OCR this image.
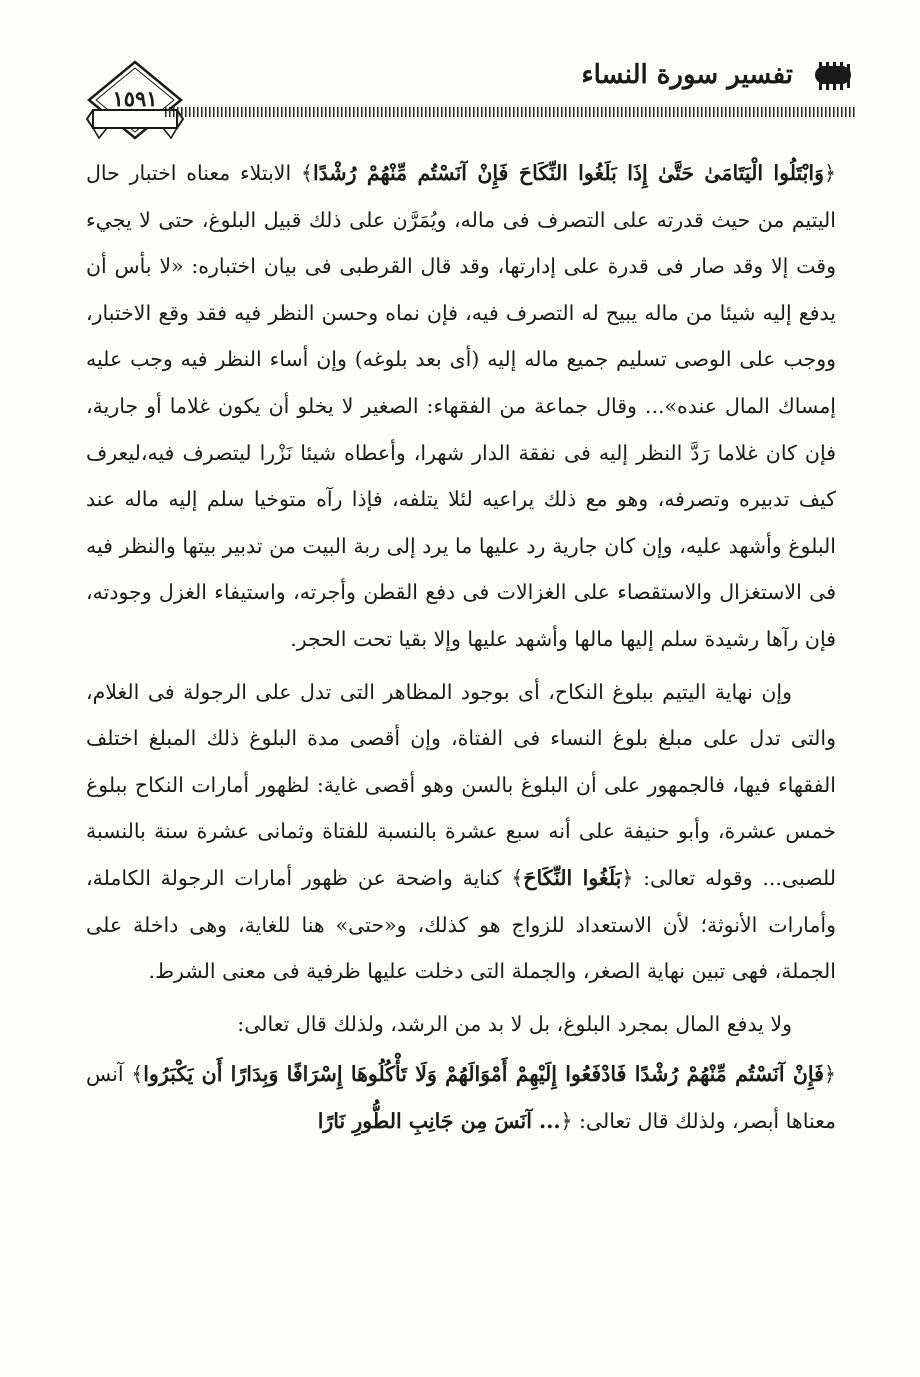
١٥٩١
تفسير سورة النساء

﴿وَابْتَلُوا الْيَتَامَىٰ حَتَّىٰ إِذَا بَلَغُوا النِّكَاحَ فَإِنْ آنَسْتُم مِّنْهُمْ رُشْدًا﴾ الابتلاء معناه اختبار حال اليتيم من حيث قدرته على التصرف فى ماله، ويُمَرَّن على ذلك قبيل البلوغ، حتى لا يجيء وقت إلا وقد صار فى قدرة على إدارتها، وقد قال القرطبى فى بيان اختباره: «لا بأس أن يدفع إليه شيئا من ماله يبيح له التصرف فيه، فإن نماه وحسن النظر فيه فقد وقع الاختبار، ووجب على الوصى تسليم جميع ماله إليه (أى بعد بلوغه) وإن أساء النظر فيه وجب عليه إمساك المال عنده»... وقال جماعة من الفقهاء: الصغير لا يخلو أن يكون غلاما أو جارية، فإن كان غلاما رَدَّ النظر إليه فى نفقة الدار شهرا، وأعطاه شيئا نَزْرا ليتصرف فيه،ليعرف كيف تدبيره وتصرفه، وهو مع ذلك يراعيه لئلا يتلفه، فإذا رآه متوخيا سلم إليه ماله عند البلوغ وأشهد عليه، وإن كان جارية رد عليها ما يرد إلى ربة البيت من تدبير بيتها والنظر فيه فى الاستغزال والاستقصاء على الغزالات فى دفع القطن وأجرته، واستيفاء الغزل وجودته، فإن رآها رشيدة سلم إليها مالها وأشهد عليها وإلا بقيا تحت الحجر.

وإن نهاية اليتيم ببلوغ النكاح، أى بوجود المظاهر التى تدل على الرجولة فى الغلام، والتى تدل على مبلغ بلوغ النساء فى الفتاة، وإن أقصى مدة البلوغ ذلك المبلغ اختلف الفقهاء فيها، فالجمهور على أن البلوغ بالسن وهو أقصى غاية: لظهور أمارات النكاح ببلوغ خمس عشرة، وأبو حنيفة على أنه سبع عشرة بالنسبة للفتاة وثمانى عشرة سنة بالنسبة للصبى... وقوله تعالى: ﴿بَلَغُوا النِّكَاحَ﴾ كناية واضحة عن ظهور أمارات الرجولة الكاملة، وأمارات الأنوثة؛ لأن الاستعداد للزواج هو كذلك، و«حتى» هنا للغاية، وهى داخلة على الجملة، فهى تبين نهاية الصغر، والجملة التى دخلت عليها ظرفية فى معنى الشرط.

ولا يدفع المال بمجرد البلوغ، بل لا بد من الرشد، ولذلك قال تعالى:

﴿فَإِنْ آنَسْتُم مِّنْهُمْ رُشْدًا فَادْفَعُوا إِلَيْهِمْ أَمْوَالَهُمْ وَلَا تَأْكُلُوهَا إِسْرَافًا وَبِدَارًا أَن يَكْبَرُوا﴾ آنس معناها أبصر، ولذلك قال تعالى: ﴿... آنَسَ مِن جَانِبِ الطُّورِ نَارًا
